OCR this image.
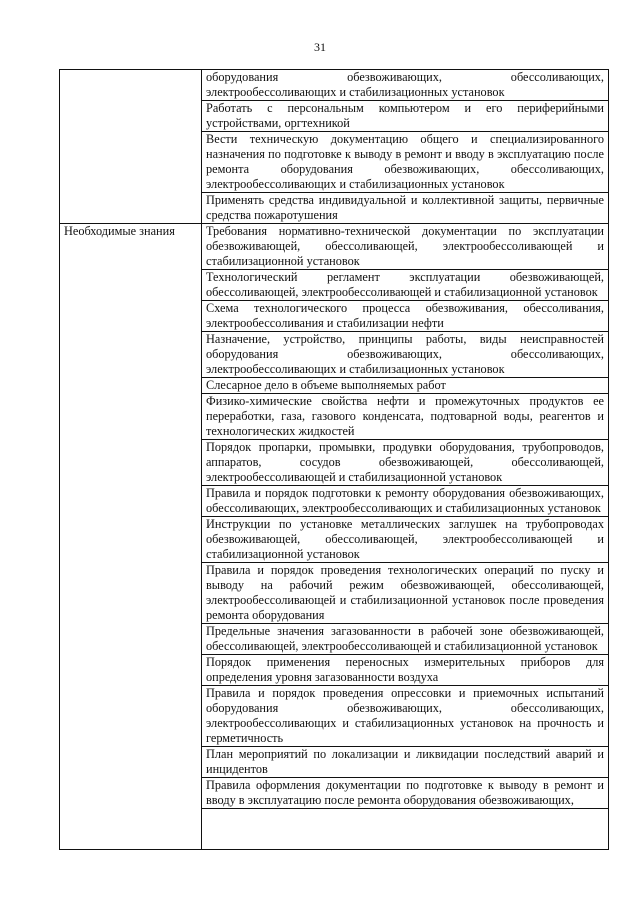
31
	оборудования обезвоживающих, обессоливающих, электрообессоливающих и стабилизационных установок
	Работать с персональным компьютером и его периферийными устройствами, оргтехникой
	Вести техническую документацию общего и специализированного назначения по подготовке к выводу в ремонт и вводу в эксплуатацию после ремонта оборудования обезвоживающих, обессоливающих, электрообессоливающих и стабилизационных установок
	Применять средства индивидуальной и коллективной защиты, первичные средства пожаротушения
Необходимые знания	Требования нормативно-технической документации по эксплуатации обезвоживающей, обессоливающей, электрообессоливающей и стабилизационной установок
	Технологический регламент эксплуатации обезвоживающей, обессоливающей, электрообессоливающей и стабилизационной установок
	Схема технологического процесса обезвоживания, обессоливания, электрообессоливания и стабилизации нефти
	Назначение, устройство, принципы работы, виды неисправностей оборудования обезвоживающих, обессоливающих, электрообессоливающих и стабилизационных установок
	Слесарное дело в объеме выполняемых работ
	Физико-химические свойства нефти и промежуточных продуктов ее переработки, газа, газового конденсата, подтоварной воды, реагентов и технологических жидкостей
	Порядок пропарки, промывки, продувки оборудования, трубопроводов, аппаратов, сосудов обезвоживающей, обессоливающей, электрообессоливающей и стабилизационной установок
	Правила и порядок подготовки к ремонту оборудования обезвоживающих, обессоливающих, электрообессоливающих и стабилизационных установок
	Инструкции по установке металлических заглушек на трубопроводах обезвоживающей, обессоливающей, электрообессоливающей и стабилизационной установок
	Правила и порядок проведения технологических операций по пуску и выводу на рабочий режим обезвоживающей, обессоливающей, электрообессоливающей и стабилизационной установок после проведения ремонта оборудования
	Предельные значения загазованности в рабочей зоне обезвоживающей, обессоливающей, электрообессоливающей и стабилизационной установок
	Порядок применения переносных измерительных приборов для определения уровня загазованности воздуха
	Правила и порядок проведения опрессовки и приемочных испытаний оборудования обезвоживающих, обессоливающих, электрообессоливающих и стабилизационных установок на прочность и герметичность
	План мероприятий по локализации и ликвидации последствий аварий и инцидентов
	Правила оформления документации по подготовке к выводу в ремонт и вводу в эксплуатацию после ремонта оборудования обезвоживающих,
